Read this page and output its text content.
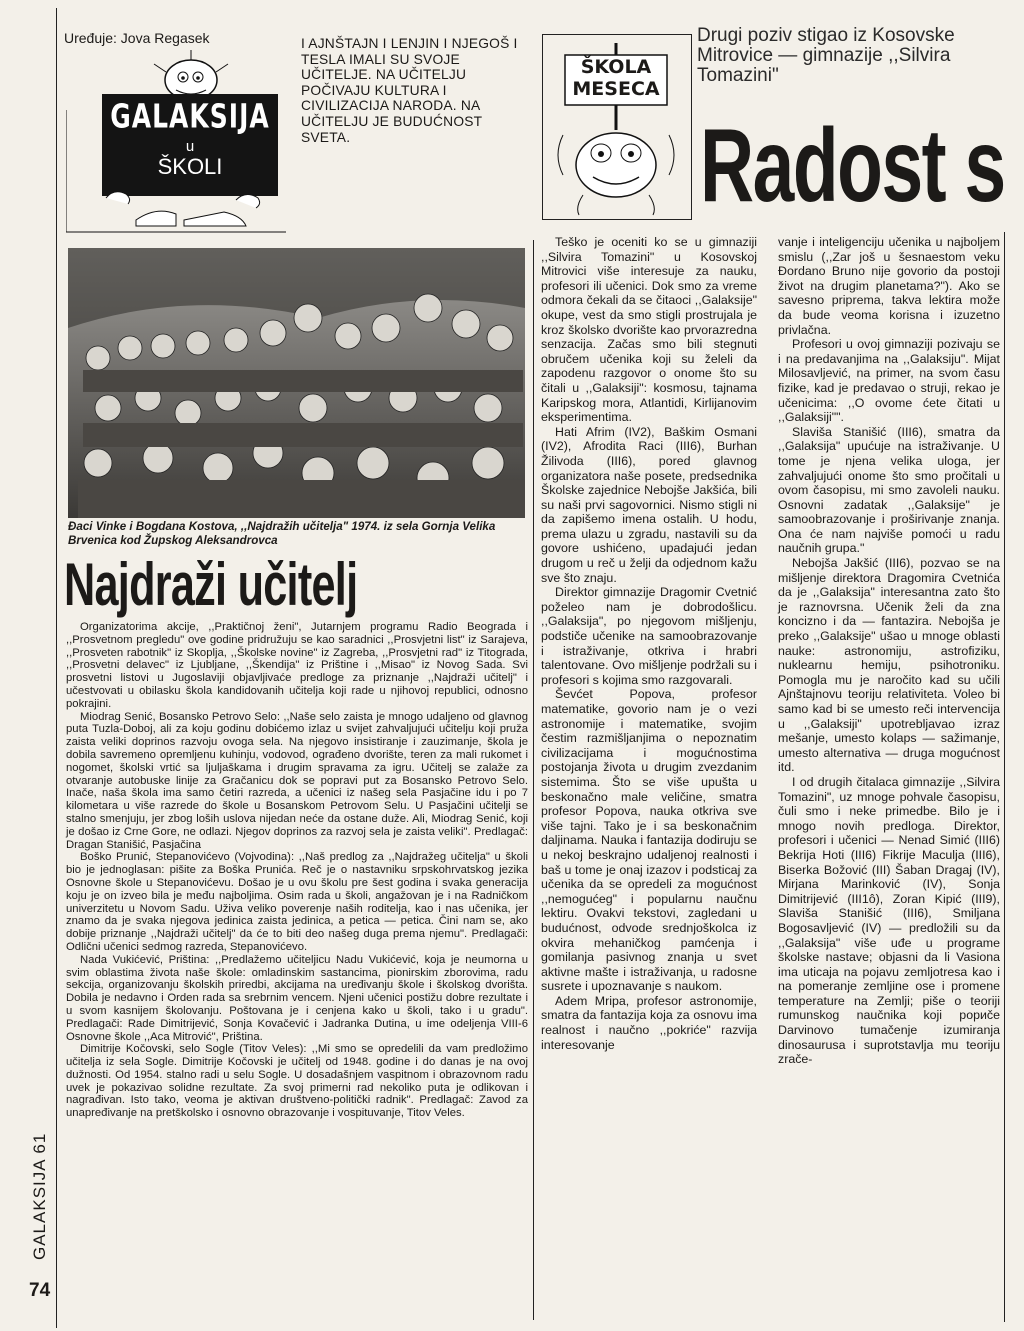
Uređuje: Jova Regasek
GALAKSIJA
u
ŠKOLI
I AJNŠTAJN I LENJIN I NJEGOŠ I TESLA IMALI SU SVOJE UČITELJE. NA UČITELJU POČIVAJU KULTURA I CIVILIZACIJA NARODA. NA UČITELJU JE BUDUĆNOST SVETA.
ŠKOLA
MESECA
Drugi poziv stigao iz Kosovske Mitrovice — gimnazije ,,Silvira Tomazini"
Radost s
Đaci Vinke i Bogdana Kostova, ,,Najdražih učitelja" 1974. iz sela Gornja Velika Brvenica kod Župskog Aleksandrovca
Najdraži učitelj

Organizatorima akcije, ,,Praktičnoj ženi", Jutarnjem programu Radio Beograda i ,,Prosvetnom pregledu" ove godine pridružuju se kao saradnici ,,Prosvjetni list" iz Sarajeva, ,,Prosveten rabotnik" iz Skoplja, ,,Školske novine" iz Zagreba, ,,Prosvjetni rad" iz Titograda, ,,Prosvetni delavec" iz Ljubljane, ,,Škendija" iz Prištine i ,,Misao" iz Novog Sada. Svi prosvetni listovi u Jugoslaviji objavljivaće predloge za priznanje ,,Najdraži učitelj" i učestvovati u obilasku škola kandidovanih učitelja koji rade u njihovoj republici, odnosno pokrajini.

Miodrag Senić, Bosansko Petrovo Selo: ,,Naše selo zaista je mnogo udaljeno od glavnog puta Tuzla-Doboj, ali za koju godinu dobićemo izlaz u svijet zahvaljujući učitelju koji pruža zaista veliki doprinos razvoju ovoga sela. Na njegovo insistiranje i zauzimanje, škola je dobila savremeno opremljenu kuhinju, vodovod, ograđeno dvorište, teren za mali rukomet i nogomet, školski vrtić sa ljuljaškama i drugim spravama za igru. Učitelj se zalaže za otvaranje autobuske linije za Gračanicu dok se popravi put za Bosansko Petrovo Selo. Inače, naša škola ima samo četiri razreda, a učenici iz našeg sela Pasjačine idu i po 7 kilometara u više razrede do škole u Bosanskom Petrovom Selu. U Pasjačini učitelji se stalno smenjuju, jer zbog loših uslova nijedan neće da ostane duže. Ali, Miodrag Senić, koji je došao iz Crne Gore, ne odlazi. Njegov doprinos za razvoj sela je zaista veliki". Predlagač: Dragan Stanišić, Pasjačina

Boško Prunić, Stepanovićevo (Vojvodina): ,,Naš predlog za ,,Najdražeg učitelja" u školi bio je jednoglasan: pišite za Boška Prunića. Reč je o nastavniku srpskohrvatskog jezika Osnovne škole u Stepanovićevu. Došao je u ovu školu pre šest godina i svaka generacija koju je on izveo bila je među najboljima. Osim rada u školi, angažovan je i na Radničkom univerzitetu u Novom Sadu. Uživa veliko poverenje naših roditelja, kao i nas učenika, jer znamo da je svaka njegova jedinica zaista jedinica, a petica — petica. Čini nam se, ako dobije priznanje ,,Najdraži učitelj" da će to biti deo našeg duga prema njemu". Predlagači: Odlični učenici sedmog razreda, Stepanovićevo.

Nada Vukićević, Priština: ,,Predlažemo učiteljicu Nadu Vukićević, koja je neumorna u svim oblastima života naše škole: omladinskim sastancima, pionirskim zborovima, radu sekcija, organizovanju školskih priredbi, akcijama na uređivanju škole i školskog dvorišta. Dobila je nedavno i Orden rada sa srebrnim vencem. Njeni učenici postižu dobre rezultate i u svom kasnijem školovanju. Poštovana je i cenjena kako u školi, tako i u gradu". Predlagači: Rade Dimitrijević, Sonja Kovačević i Jadranka Dutina, u ime odeljenja VIII-6 Osnovne škole ,,Aca Mitrović", Priština.

Dimitrije Kočovski, selo Sogle (Titov Veles): ,,Mi smo se opredelili da vam predložimo učitelja iz sela Sogle. Dimitrije Kočovski je učitelj od 1948. godine i do danas je na ovoj dužnosti. Od 1954. stalno radi u selu Sogle. U dosadašnjem vaspitnom i obrazovnom radu uvek je pokazivao solidne rezultate. Za svoj primerni rad nekoliko puta je odlikovan i nagrađivan. Isto tako, veoma je aktivan društveno-politički radnik". Predlagač: Zavod za unapređivanje na pretškolsko i osnovno obrazovanje i vospituvanje, Titov Veles.

GALAKSIJA 61
74

Teško je oceniti ko se u gimnaziji ,,Silvira Tomazini" u Kosovskoj Mitrovici više interesuje za nauku, profesori ili učenici. Dok smo za vreme odmora čekali da se čitaoci ,,Galaksije" okupe, vest da smo stigli prostrujala je kroz školsko dvorište kao prvorazredna senzacija. Začas smo bili stegnuti obručem učenika koji su želeli da zapodenu razgovor o onome što su čitali u ,,Galaksiji": kosmosu, tajnama Karipskog mora, Atlantidi, Kirlijanovim eksperimentima.

Hati Afrim (IV2), Baškim Osmani (IV2), Afrodita Raci (III6), Burhan Žilivoda (III6), pored glavnog organizatora naše posete, predsednika Školske zajednice Nebojše Jakšića, bili su naši prvi sagovornici. Nismo stigli ni da zapišemo imena ostalih. U hodu, prema ulazu u zgradu, nastavili su da govore ushićeno, upadajući jedan drugom u reč u želji da odjednom kažu sve što znaju.

Direktor gimnazije Dragomir Cvetnić poželeo nam je dobrodošlicu. ,,Galaksija", po njegovom mišljenju, podstiče učenike na samoobrazovanje i istraživanje, otkriva i hrabri talentovane. Ovo mišljenje podržali su i profesori s kojima smo razgovarali.

Ševćet Popova, profesor matematike, govorio nam je o vezi astronomije i matematike, svojim čestim razmišljanjima o nepoznatim civilizacijama i mogućnostima postojanja života u drugim zvezdanim sistemima. Što se više upušta u beskonačno male veličine, smatra profesor Popova, nauka otkriva sve više tajni. Tako je i sa beskonačnim daljinama. Nauka i fantazija dodiruju se u nekoj beskrajno udaljenoj realnosti i baš u tome je onaj izazov i podsticaj za učenika da se opredeli za mogućnost ,,nemogućeg" i popularnu naučnu lektiru. Ovakvi tekstovi, zagledani u budućnost, odvode srednjoškolca iz okvira mehaničkog pamćenja i gomilanja pasivnog znanja u svet aktivne mašte i istraživanja, u radosne susrete i upoznavanje s naukom.

Adem Mripa, profesor astronomije, smatra da fantazija koja za osnovu ima realnost i naučno ,,pokriće" razvija interesovanje

vanje i inteligenciju učenika u najboljem smislu (,,Zar još u šesnaestom veku Đordano Bruno nije govorio da postoji život na drugim planetama?"). Ako se savesno pripremа, takva lektira može da bude veoma korisna i izuzetno privlačna.

Profesori u ovoj gimnaziji pozivaju se i na predavanjima na ,,Galaksiju". Mijat Milosavljević, na primer, na svom času fizike, kad je predavao o struji, rekao je učenicima: ,,O ovome ćete čitati u ,,Galaksiji"".

Slaviša Stanišić (III6), smatra da ,,Galaksija" upućuje na istraživanje. U tome je njena velika uloga, jer zahvaljujući onome što smo pročitali u ovom časopisu, mi smo zavoleli nauku. Osnovni zadatak ,,Galaksije" je samoobrazovanje i proširivanje znanja. Ona će nam najviše pomoći u radu naučnih grupa."

Nebojša Jakšić (III6), pozvao se na mišljenje direktora Dragomira Cvetnića da je ,,Galaksija" interesantna zato što je raznovrsna. Učenik želi da zna koncizno i da — fantazira. Nebojša je preko ,,Galaksije" ušao u mnoge oblasti nauke: astronomiju, astrofiziku, nuklearnu hemiju, psihotroniku. Pomogla mu je naročito kad su učili Ajnštajnovu teoriju relativiteta. Voleo bi samo kad bi se umesto reči intervencija u ,,Galaksiji" upotrebljavao izraz mešanje, umesto kolaps — sažimanje, umesto alternativa — druga mogućnost itd.

I od drugih čitalaca gimnazije ,,Silvira Tomazini", uz mnoge pohvale časopisu, čuli smo i neke primedbe. Bilo je i mnogo novih predloga. Direktor, profesori i učenici — Nenad Simić (III6) Bekrija Hoti (III6) Fikrije Maculja (III6), Biserka Božović (III) Šaban Dragaj (IV), Mirjana Marinković (IV), Sonja Dimitrijević (III1ô), Zoran Kipić (III9), Slaviša Stanišić (III6), Smiljana Bogosavljević (IV) — predložili su da ,,Galaksija" više uđe u programe školske nastave; objasni da li Vasiona ima uticaja na pojavu zemljotresa kao i na pomeranje zemljine ose i promene temperature na Zemlji; piše o teoriji rumunskog naučnika koji pориče Darvinovo tumačenje izumiranja dinosaurusa i suprotstavlja mu teoriju zrače-
